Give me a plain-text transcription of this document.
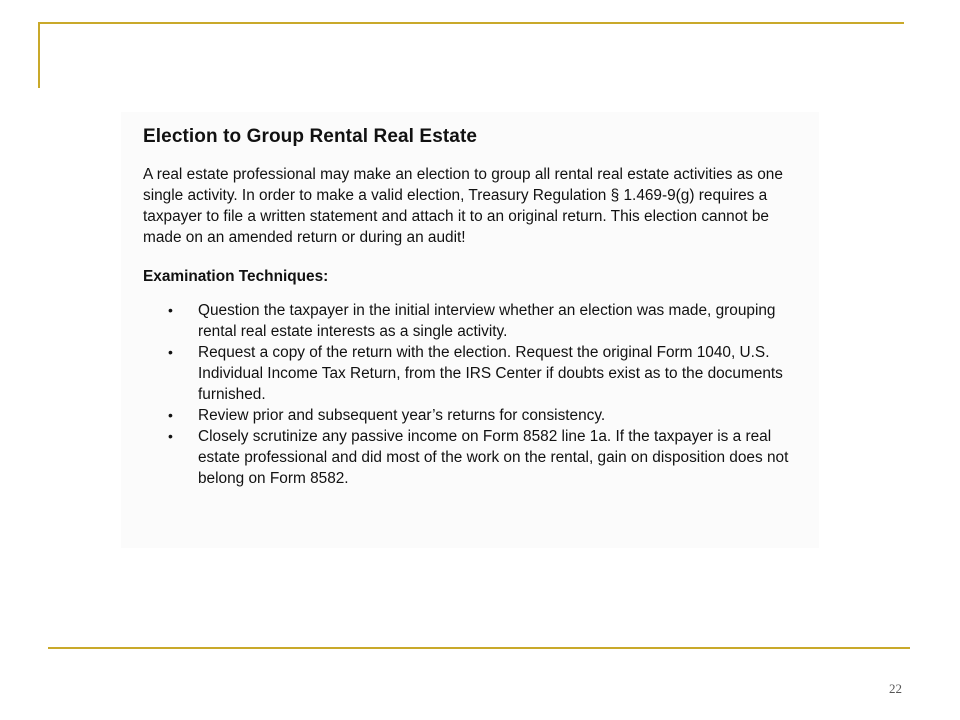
Election to Group Rental Real Estate

A real estate professional may make an election to group all rental real estate activities as one single activity. In order to make a valid election, Treasury Regulation § 1.469-9(g) requires a taxpayer to file a written statement and attach it to an original return. This election cannot be made on an amended return or during an audit!

Examination Techniques:
• Question the taxpayer in the initial interview whether an election was made, grouping rental real estate interests as a single activity.
• Request a copy of the return with the election. Request the original Form 1040, U.S. Individual Income Tax Return, from the IRS Center if doubts exist as to the documents furnished.
• Review prior and subsequent year’s returns for consistency.
• Closely scrutinize any passive income on Form 8582 line 1a. If the taxpayer is a real estate professional and did most of the work on the rental, gain on disposition does not belong on Form 8582.
22
